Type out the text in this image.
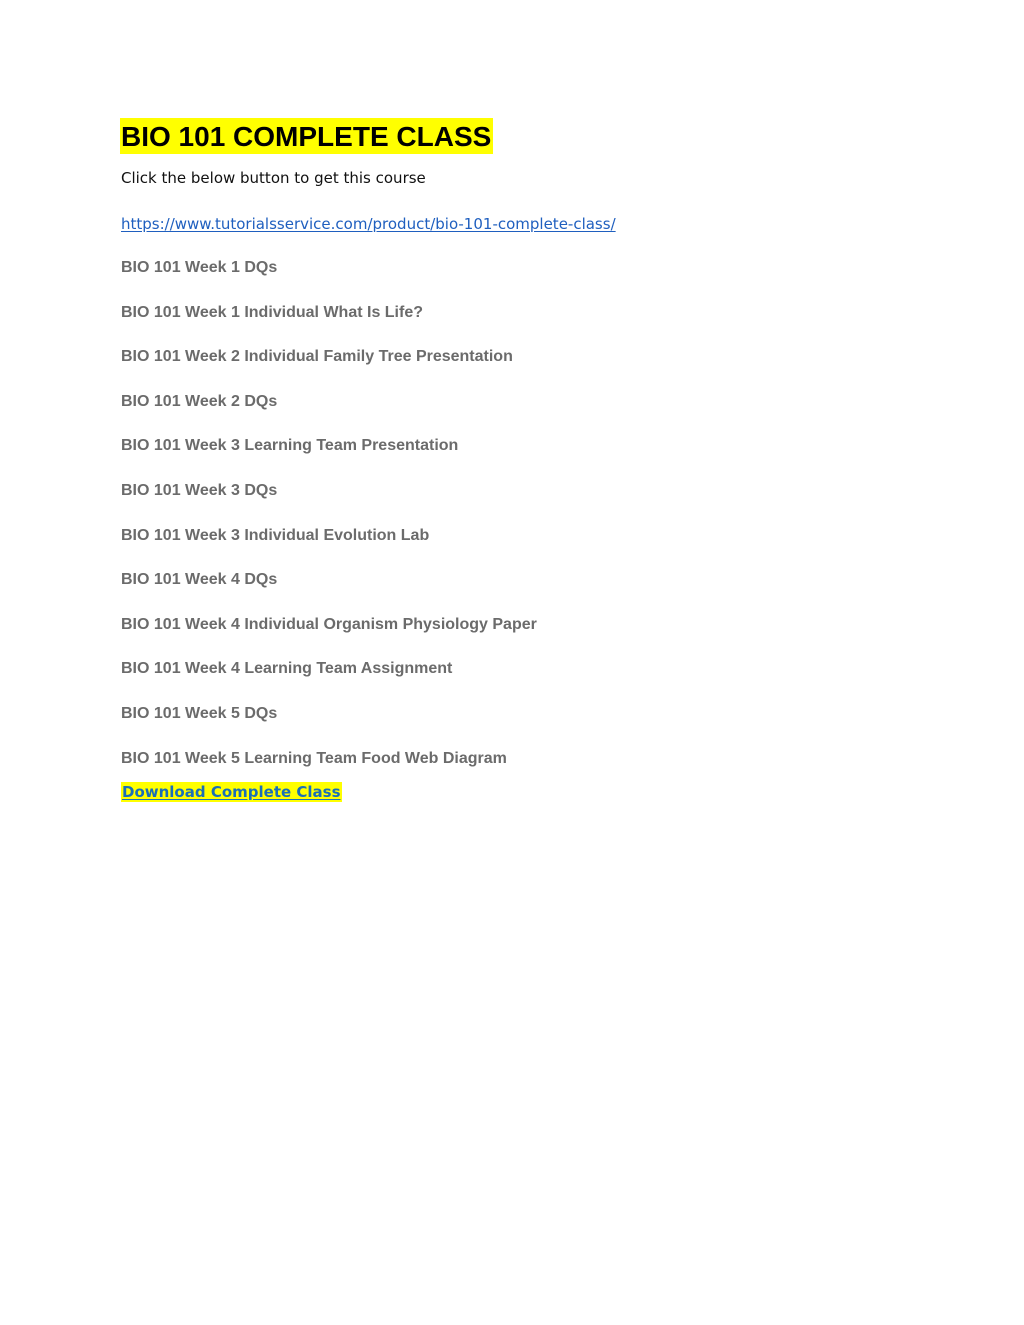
BIO 101 COMPLETE CLASS
Click the below button to get this course
https://www.tutorialsservice.com/product/bio-101-complete-class/
BIO 101 Week 1 DQs
BIO 101 Week 1 Individual What Is Life?
BIO 101 Week 2 Individual Family Tree Presentation
BIO 101 Week 2 DQs
BIO 101 Week 3 Learning Team Presentation
BIO 101 Week 3 DQs
BIO 101 Week 3 Individual Evolution Lab
BIO 101 Week 4 DQs
BIO 101 Week 4 Individual Organism Physiology Paper
BIO 101 Week 4 Learning Team Assignment
BIO 101 Week 5 DQs
BIO 101 Week 5 Learning Team Food Web Diagram
Download Complete Class
